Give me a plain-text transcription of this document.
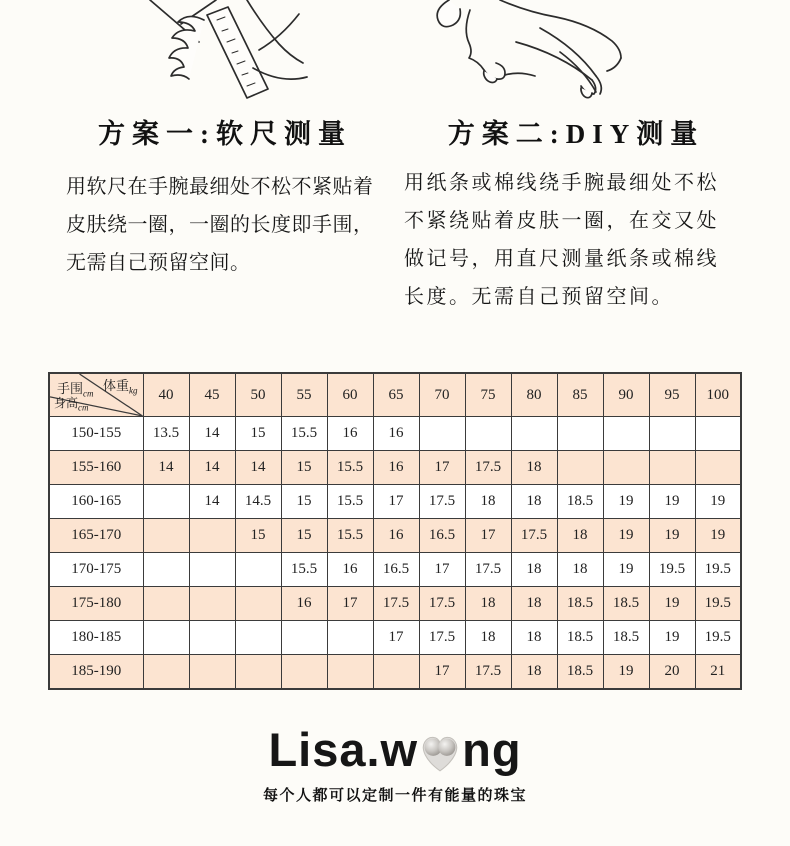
方案一:软尺测量
用软尺在手腕最细处不松不紧贴着皮肤绕一圈，一圈的长度即手围，无需自己预留空间。
方案二:DIY测量
用纸条或棉线绕手腕最细处不松不紧绕贴着皮肤一圈，在交又处做记号，用直尺测量纸条或棉线长度。无需自己预留空间。
手围$_{cm}$
体重$_{kg}$
身高$_{cm}$	40	45	50	55	60	65	70	75	80	85	90	95	100
150-155	13.5	14	15	15.5	16	16							
155-160	14	14	14	15	15.5	16	17	17.5	18				
160-165		14	14.5	15	15.5	17	17.5	18	18	18.5	19	19	19
165-170			15	15	15.5	16	16.5	17	17.5	18	19	19	19
170-175				15.5	16	16.5	17	17.5	18	18	19	19.5	19.5
175-180				16	17	17.5	17.5	18	18	18.5	18.5	19	19.5
180-185						17	17.5	18	18	18.5	18.5	19	19.5
185-190							17	17.5	18	18.5	19	20	21
Lisa.w ng
每个人都可以定制一件有能量的珠宝
